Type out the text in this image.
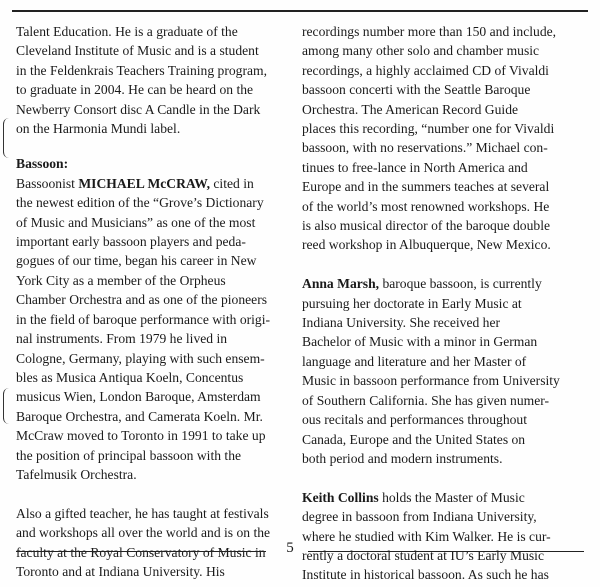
Talent Education. He is a graduate of the

Cleveland Institute of Music and is a student

in the Feldenkrais Teachers Training program,

to graduate in 2004. He can be heard on the

Newberry Consort disc A Candle in the Dark

on the Harmonia Mundi label.

Bassoon:

Bassoonist MICHAEL McCRAW, cited in

the newest edition of the “Grove’s Dictionary

of Music and Musicians” as one of the most

important early bassoon players and peda-

gogues of our time, began his career in New

York City as a member of the Orpheus

Chamber Orchestra and as one of the pioneers

in the field of baroque performance with origi-

nal instruments. From 1979 he lived in

Cologne, Germany, playing with such ensem-

bles as Musica Antiqua Koeln, Concentus

musicus Wien, London Baroque, Amsterdam

Baroque Orchestra, and Camerata Koeln. Mr.

McCraw moved to Toronto in 1991 to take up

the position of principal bassoon with the

Tafelmusik Orchestra.

Also a gifted teacher, he has taught at festivals

and workshops all over the world and is on the

faculty at the Royal Conservatory of Music in

Toronto and at Indiana University. His

recordings number more than 150 and include,

among many other solo and chamber music

recordings, a highly acclaimed CD of Vivaldi

bassoon concerti with the Seattle Baroque

Orchestra. The American Record Guide

places this recording, “number one for Vivaldi

bassoon, with no reservations.” Michael con-

tinues to free-lance in North America and

Europe and in the summers teaches at several

of the world’s most renowned workshops. He

is also musical director of the baroque double

reed workshop in Albuquerque, New Mexico.

Anna Marsh, baroque bassoon, is currently

pursuing her doctorate in Early Music at

Indiana University. She received her

Bachelor of Music with a minor in German

language and literature and her Master of

Music in bassoon performance from University

of Southern California. She has given numer-

ous recitals and performances throughout

Canada, Europe and the United States on

both period and modern instruments.

Keith Collins holds the Master of Music

degree in bassoon from Indiana University,

where he studied with Kim Walker. He is cur-

rently a doctoral student at IU’s Early Music

Institute in historical bassoon. As such he has

5
